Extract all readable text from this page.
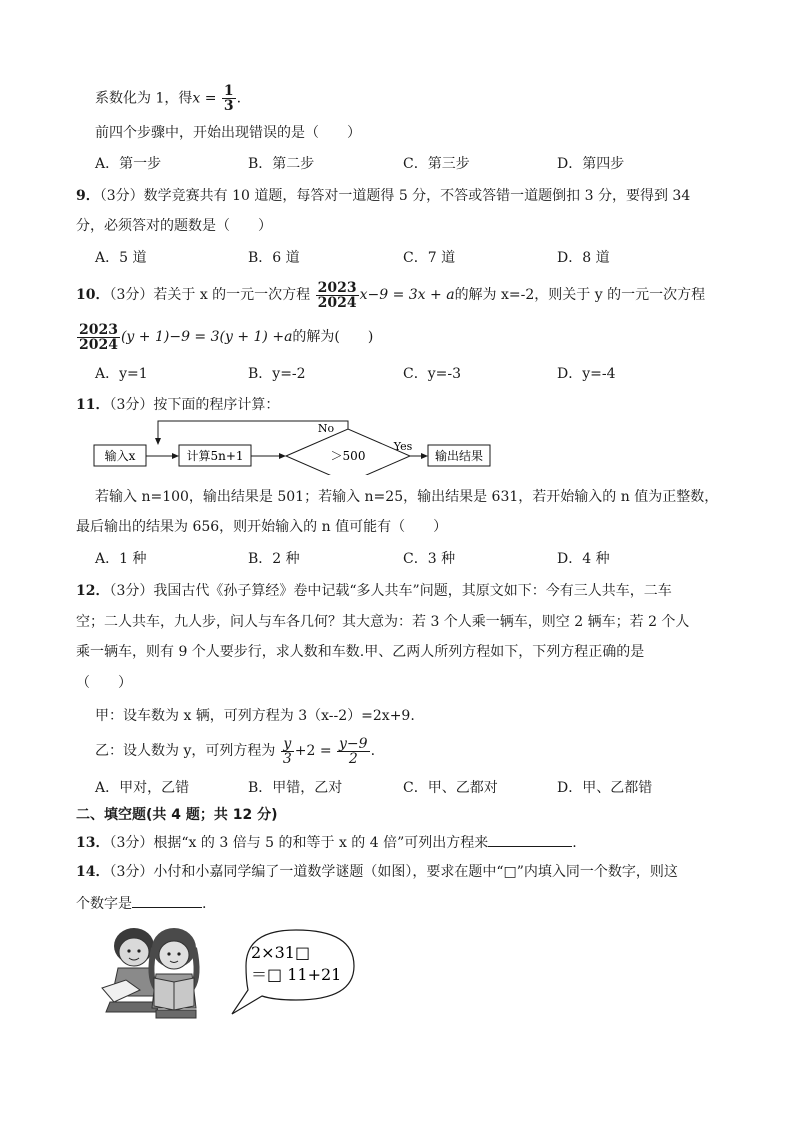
系数化为 1，得$x = \frac{1}{3}$ .
前四个步骤中，开始出现错误的是（　　）
A．第一步	B．第二步	C．第三步	D．第四步
9．（3分）数学竞赛共有 10 道题，每答对一道题得 5 分，不答或答错一道题倒扣 3 分，要得到 34
分，必须答对的题数是（　　）
A．5 道	B．6 道	C．7 道	D．8 道
10．（3分）若关于 x 的一元一次方程 $\frac{2023}{2024} x-9 = 3x + a$的解为 x=-2，则关于 y 的一元一次方程
$\frac{2023}{2024} (y + 1)-9 = 3(y + 1) +a$的解为(　　)
A．y=1	B．y=-2	C．y=-3	D．y=-4
11．（3分）按下面的程序计算：
输入x	计算5n+1	＞500
No
Yes
输出结果
若输入 n=100，输出结果是 501；若输入 n=25，输出结果是 631，若开始输入的 n 值为正整数，
最后输出的结果为 656，则开始输入的 n 值可能有（　　）
A．1 种	B．2 种	C．3 种	D．4 种
12．（3分）我国古代《孙子算经》卷中记载“多人共车”问题，其原文如下：今有三人共车，二车
空；二人共车，九人步，问人与车各几何？其大意为：若 3 个人乘一辆车，则空 2 辆车；若 2 个人
乘一辆车，则有 9 个人要步行，求人数和车数.甲、乙两人所列方程如下，下列方程正确的是
（　　）
甲：设车数为 x 辆，可列方程为 3（x--2）=2x+9.
乙：设人数为 y，可列方程为 $\frac{y}{3} +2 = \frac{y-9}{2}$ .
A．甲对，乙错	B．甲错，乙对	C．甲、乙都对	D．甲、乙都错
二、填空题(共 4 题；共 12 分)
13．（3分）根据“x 的 3 倍与 5 的和等于 x 的 4 倍”可列出方程来	.
14．（3分）小付和小嘉同学编了一道数学谜题（如图），要求在题中“□”内填入同一个数字，则这
个数字是	.
2×31□
＝□ 11+21
